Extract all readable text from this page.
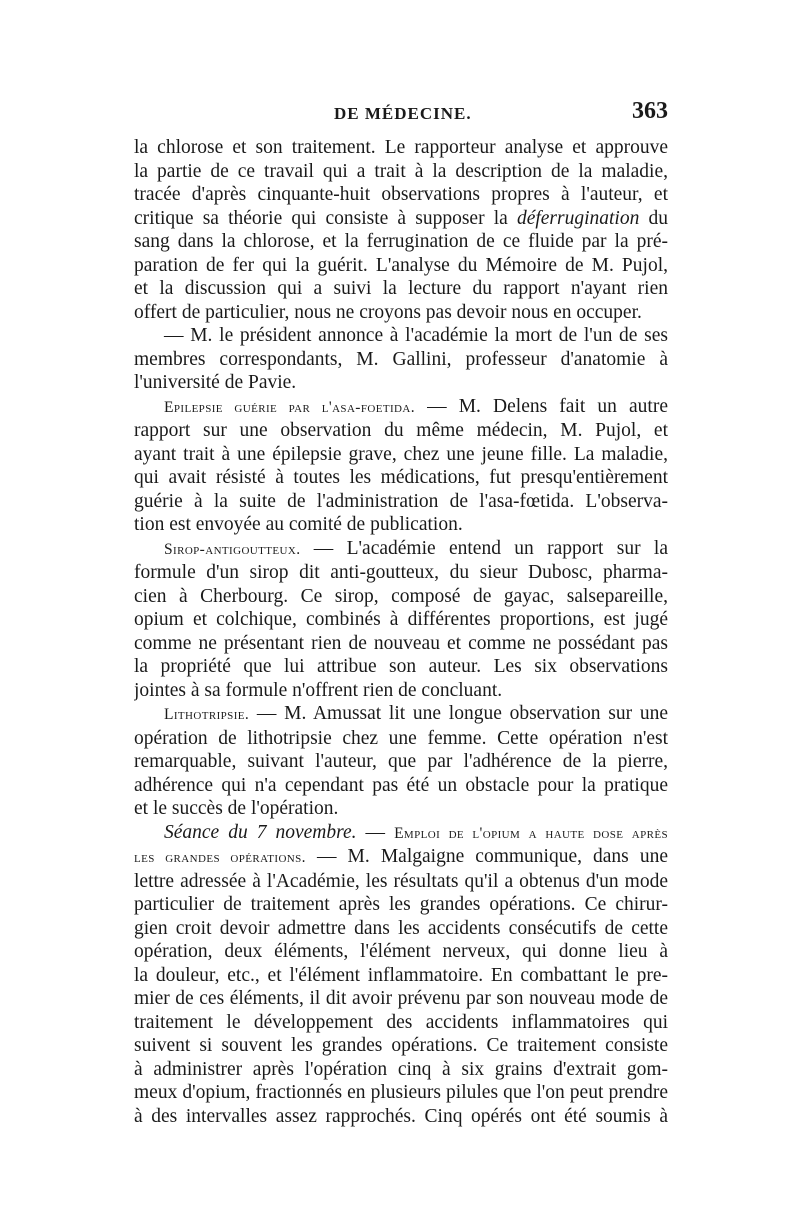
DE MÉDECINE.	363
la chlorose et son traitement. Le rapporteur analyse et approuve
la partie de ce travail qui a trait à la description de la maladie,
tracée d'après cinquante-huit observations propres à l'auteur, et
critique sa théorie qui consiste à supposer la déferrugination du
sang dans la chlorose, et la ferrugination de ce fluide par la pré-
paration de fer qui la guérit. L'analyse du Mémoire de M. Pujol,
et la discussion qui a suivi la lecture du rapport n'ayant rien
offert de particulier, nous ne croyons pas devoir nous en occuper.
— M. le président annonce à l'académie la mort de l'un de ses
membres correspondants, M. Gallini, professeur d'anatomie à
l'université de Pavie.
Epilepsie guérie par l'asa-foetida. — M. Delens fait un autre
rapport sur une observation du même médecin, M. Pujol, et
ayant trait à une épilepsie grave, chez une jeune fille. La maladie,
qui avait résisté à toutes les médications, fut presqu'entièrement
guérie à la suite de l'administration de l'asa-fœtida. L'observa-
tion est envoyée au comité de publication.
Sirop-antigoutteux. — L'académie entend un rapport sur la
formule d'un sirop dit anti-goutteux, du sieur Dubosc, pharma-
cien à Cherbourg. Ce sirop, composé de gayac, salsepareille,
opium et colchique, combinés à différentes proportions, est jugé
comme ne présentant rien de nouveau et comme ne possédant pas
la propriété que lui attribue son auteur. Les six observations
jointes à sa formule n'offrent rien de concluant.
Lithotripsie. — M. Amussat lit une longue observation sur une
opération de lithotripsie chez une femme. Cette opération n'est
remarquable, suivant l'auteur, que par l'adhérence de la pierre,
adhérence qui n'a cependant pas été un obstacle pour la pratique
et le succès de l'opération.
Séance du 7 novembre. — Emploi de l'opium a haute dose après
les grandes opérations. — M. Malgaigne communique, dans une
lettre adressée à l'Académie, les résultats qu'il a obtenus d'un mode
particulier de traitement après les grandes opérations. Ce chirur-
gien croit devoir admettre dans les accidents consécutifs de cette
opération, deux éléments, l'élément nerveux, qui donne lieu à
la douleur, etc., et l'élément inflammatoire. En combattant le pre-
mier de ces éléments, il dit avoir prévenu par son nouveau mode de
traitement le développement des accidents inflammatoires qui
suivent si souvent les grandes opérations. Ce traitement consiste
à administrer après l'opération cinq à six grains d'extrait gom-
meux d'opium, fractionnés en plusieurs pilules que l'on peut prendre
à des intervalles assez rapprochés. Cinq opérés ont été soumis à
